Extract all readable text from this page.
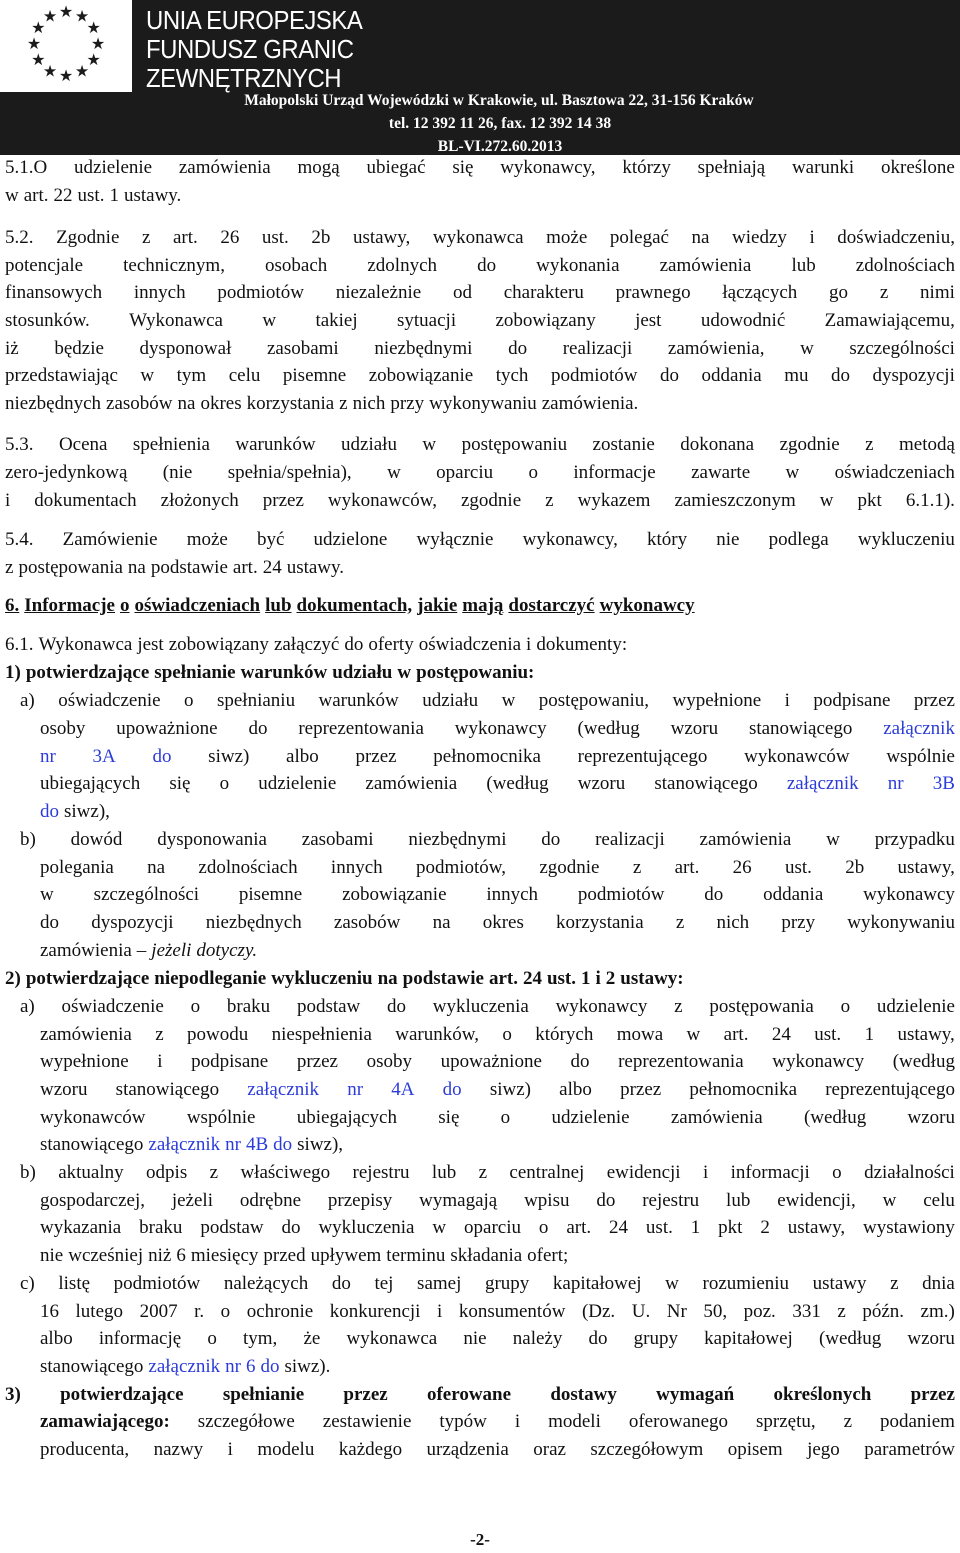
★ ★
★
★
★
★
★
★
★
★
★
★	UNIA EUROPEJSKA
FUNDUSZ GRANIC
ZEWNĘTRZNYCH
Małopolski Urząd Wojewódzki w Krakowie, ul. Basztowa 22, 31-156 Kraków
tel. 12 392 11 26, fax. 12 392 14 38
BL-VI.272.60.2013
5.1.O udzielenie zamówienia mogą ubiegać się wykonawcy, którzy spełniają warunki określone
w art. 22 ust. 1 ustawy.
5.2. Zgodnie z art. 26 ust. 2b ustawy, wykonawca może polegać na wiedzy i doświadczeniu,
potencjale technicznym, osobach zdolnych do wykonania zamówienia lub zdolnościach
finansowych innych podmiotów niezależnie od charakteru prawnego łączących go z nimi
stosunków. Wykonawca w takiej sytuacji zobowiązany jest udowodnić Zamawiającemu,
iż będzie dysponował zasobami niezbędnymi do realizacji zamówienia, w szczególności
przedstawiając w tym celu pisemne zobowiązanie tych podmiotów do oddania mu do dyspozycji
niezbędnych zasobów na okres korzystania z nich przy wykonywaniu zamówienia.
5.3. Ocena spełnienia warunków udziału w postępowaniu zostanie dokonana zgodnie z metodą
zero-jedynkową (nie spełnia/spełnia), w oparciu o informacje zawarte w oświadczeniach
i dokumentach złożonych przez wykonawców, zgodnie z wykazem zamieszczonym w pkt 6.1.1).
5.4. Zamówienie może być udzielone wyłącznie wykonawcy, który nie podlega wykluczeniu
z postępowania na podstawie art. 24 ustawy.
6. Informacje o oświadczeniach lub dokumentach, jakie mają dostarczyć wykonawcy
6.1. Wykonawca jest zobowiązany załączyć do oferty oświadczenia i dokumenty:
1) potwierdzające spełnianie warunków udziału w postępowaniu:
a) oświadczenie o spełnianiu warunków udziału w postępowaniu, wypełnione i podpisane przez
osoby upoważnione do reprezentowania wykonawcy (według wzoru stanowiącego załącznik
nr 3A do siwz) albo przez pełnomocnika reprezentującego wykonawców wspólnie
ubiegających się o udzielenie zamówienia (według wzoru stanowiącego załącznik nr 3B
do siwz),
b) dowód dysponowania zasobami niezbędnymi do realizacji zamówienia w przypadku
polegania na zdolnościach innych podmiotów, zgodnie z art. 26 ust. 2b ustawy,
w szczególności pisemne zobowiązanie innych podmiotów do oddania wykonawcy
do dyspozycji niezbędnych zasobów na okres korzystania z nich przy wykonywaniu
zamówienia – jeżeli dotyczy.
2) potwierdzające niepodleganie wykluczeniu na podstawie art. 24 ust. 1 i 2 ustawy:
a) oświadczenie o braku podstaw do wykluczenia wykonawcy z postępowania o udzielenie
zamówienia z powodu niespełnienia warunków, o których mowa w art. 24 ust. 1 ustawy,
wypełnione i podpisane przez osoby upoważnione do reprezentowania wykonawcy (według
wzoru stanowiącego załącznik nr 4A do siwz) albo przez pełnomocnika reprezentującego
wykonawców wspólnie ubiegających się o udzielenie zamówienia (według wzoru
stanowiącego załącznik nr 4B do siwz),
b) aktualny odpis z właściwego rejestru lub z centralnej ewidencji i informacji o działalności
gospodarczej, jeżeli odrębne przepisy wymagają wpisu do rejestru lub ewidencji, w celu
wykazania braku podstaw do wykluczenia w oparciu o art. 24 ust. 1 pkt 2 ustawy, wystawiony
nie wcześniej niż 6 miesięcy przed upływem terminu składania ofert;
c) listę podmiotów należących do tej samej grupy kapitałowej w rozumieniu ustawy z dnia
16 lutego 2007 r. o ochronie konkurencji i konsumentów (Dz. U. Nr 50, poz. 331 z późn. zm.)
albo informację o tym, że wykonawca nie należy do grupy kapitałowej (według wzoru
stanowiącego załącznik nr 6 do siwz).
3) potwierdzające spełnianie przez oferowane dostawy wymagań określonych przez
zamawiającego: szczegółowe zestawienie typów i modeli oferowanego sprzętu, z podaniem
producenta, nazwy i modelu każdego urządzenia oraz szczegółowym opisem jego parametrów
-2-
